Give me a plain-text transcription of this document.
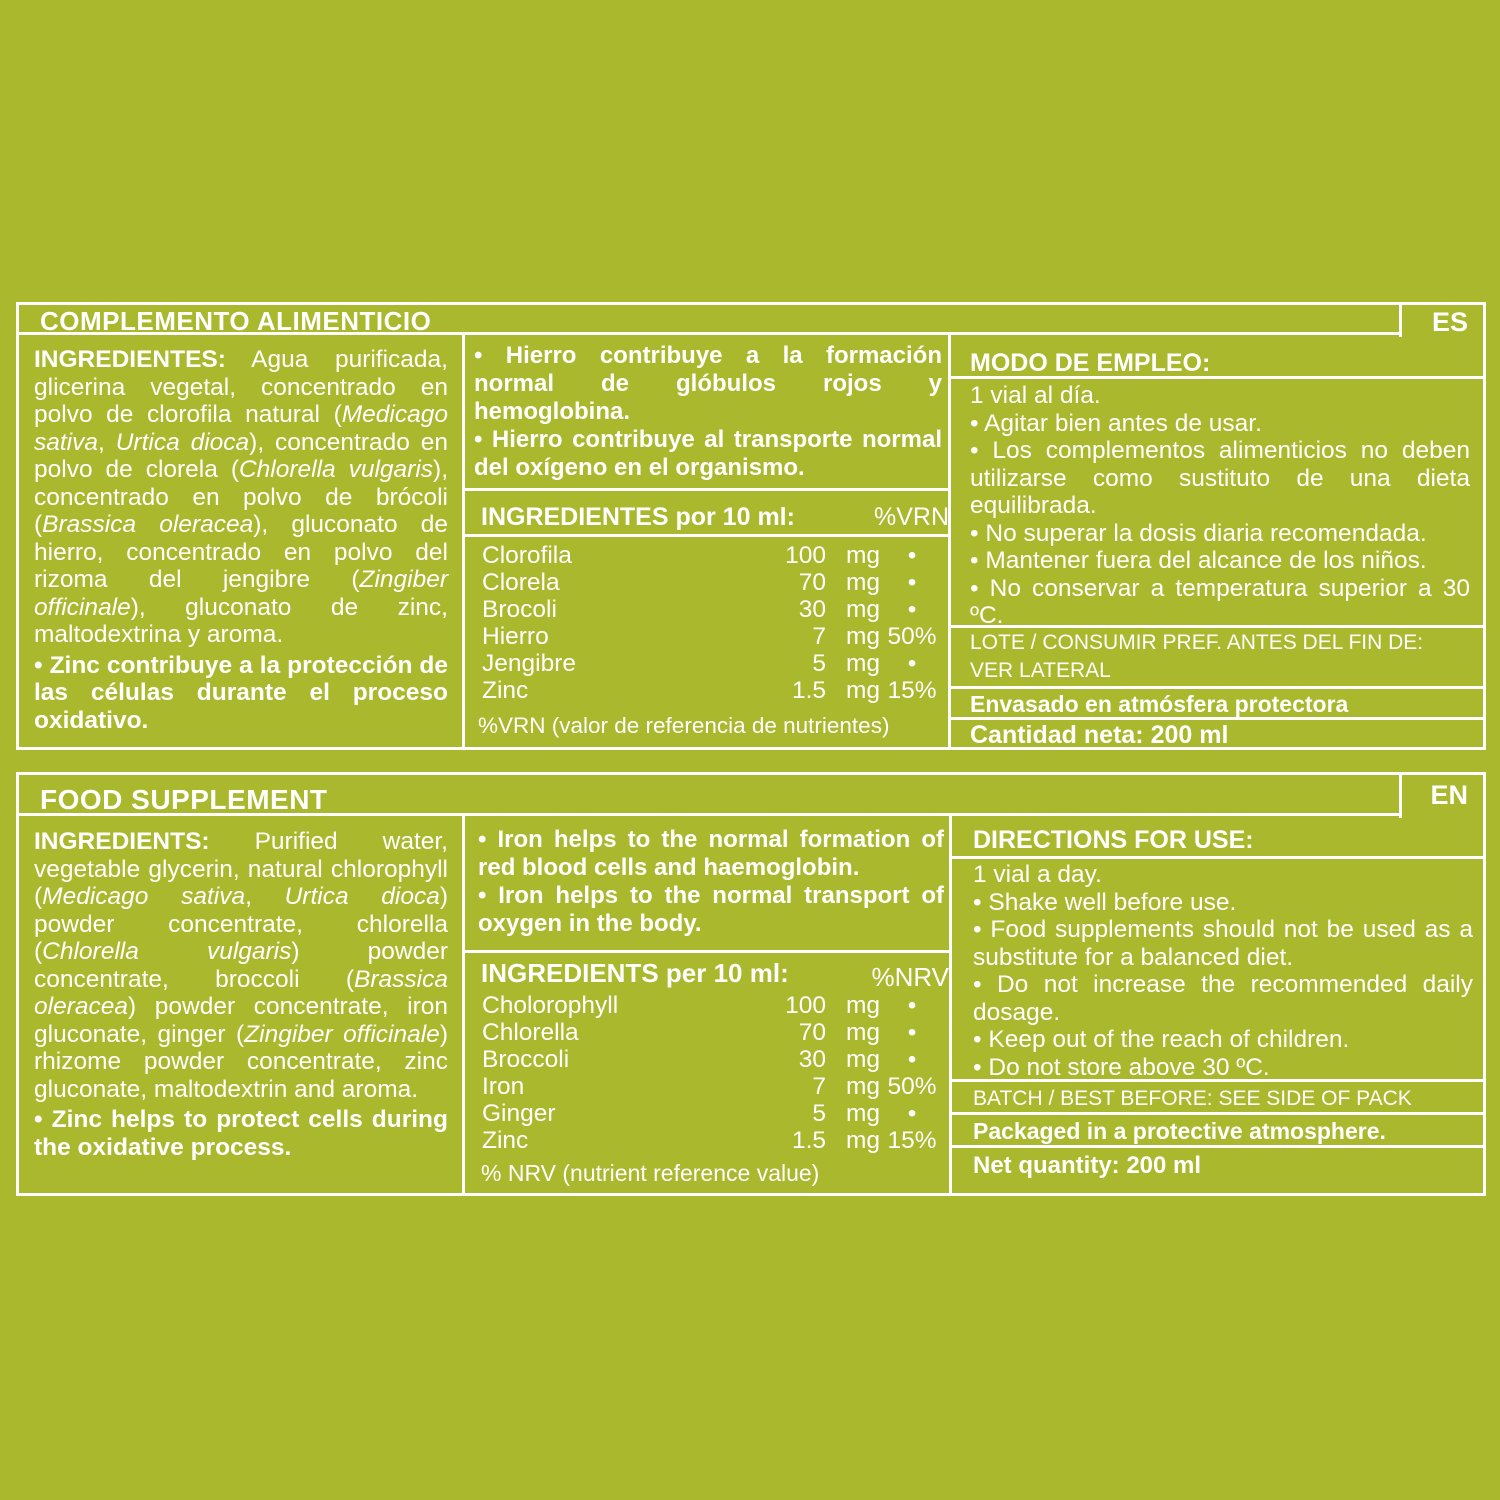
COMPLEMENTO ALIMENTICIO	ES
INGREDIENTES: Agua purificada, glicerina vegetal, concentrado en polvo de clorofila natural (Medicago sativa, Urtica dioca), concentrado en polvo de clorela (Chlorella vulgaris), concentrado en polvo de brócoli (Brassica oleracea), gluconato de hierro, concentrado en polvo del rizoma del jengibre (Zingiber officinale), gluconato de zinc, maltodextrina y aroma.
• Zinc contribuye a la protección de las células durante el proceso oxidativo.
• Hierro contribuye a la formación normal de glóbulos rojos y hemoglobina.
• Hierro contribuye al transporte normal del oxígeno en el organismo.
INGREDIENTES por 10 ml:	%VRN
Clorofila	100 mg	•
Clorela	70 mg	•
Brocoli	30 mg	•
Hierro	7 mg 50%
Jengibre	5 mg	•
Zinc	1.5 mg 15%
%VRN (valor de referencia de nutrientes)
MODO DE EMPLEO:
1 vial al día.
• Agitar bien antes de usar.
• Los complementos alimenticios no deben utilizarse como sustituto de una dieta equilibrada.
• No superar la dosis diaria recomendada.
• Mantener fuera del alcance de los niños.
• No conservar a temperatura superior a 30 ºC.
LOTE / CONSUMIR PREF. ANTES DEL FIN DE: VER LATERAL
Envasado en atmósfera protectora
Cantidad neta: 200 ml
FOOD SUPPLEMENT	EN
INGREDIENTS: Purified water, vegetable glycerin, natural chlorophyll (Medicago sativa, Urtica dioca) powder concentrate, chlorella (Chlorella vulgaris) powder concentrate, broccoli (Brassica oleracea) powder concentrate, iron gluconate, ginger (Zingiber officinale) rhizome powder concentrate, zinc gluconate, maltodextrin and aroma.
• Zinc helps to protect cells during the oxidative process.
• Iron helps to the normal formation of red blood cells and haemoglobin.
• Iron helps to the normal transport of oxygen in the body.
INGREDIENTS per 10 ml:	%NRV
Cholorophyll	100 mg	•
Chlorella	70 mg	•
Broccoli	30 mg	•
Iron	7 mg 50%
Ginger	5 mg	•
Zinc	1.5 mg 15%
% NRV (nutrient reference value)
DIRECTIONS FOR USE:
1 vial a day.
• Shake well before use.
• Food supplements should not be used as a substitute for a balanced diet.
• Do not increase the recommended daily dosage.
• Keep out of the reach of children.
• Do not store above 30 ºC.
BATCH / BEST BEFORE: SEE SIDE OF PACK
Packaged in a protective atmosphere.
Net quantity: 200 ml
